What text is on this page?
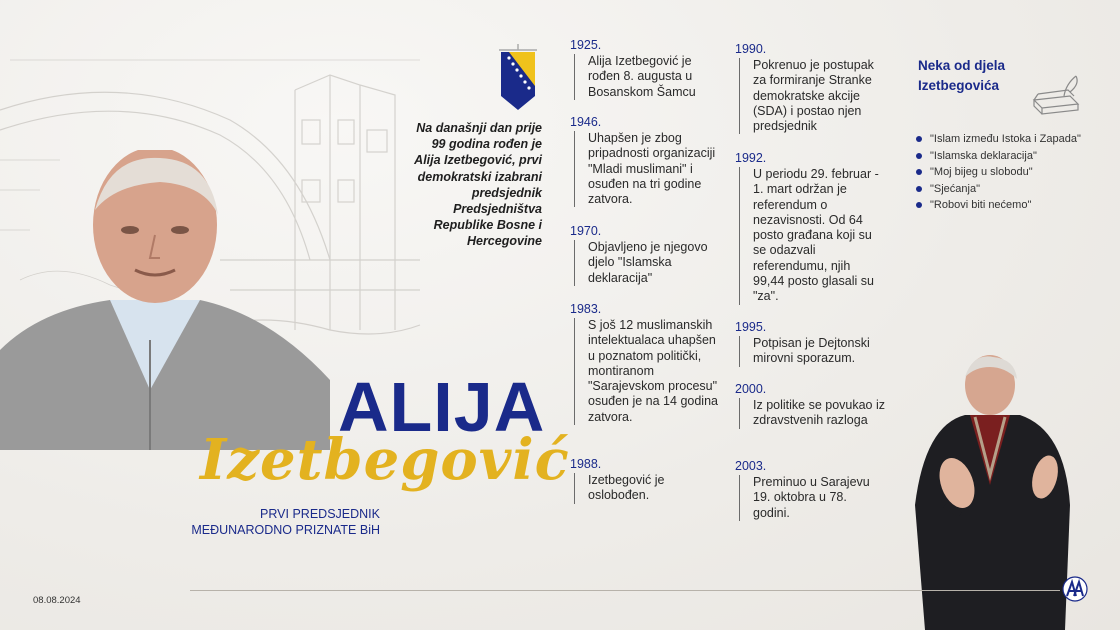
Na današnji dan prije 99 godina rođen je Alija Izetbegović, prvi demokratski izabrani predsjednik Predsjedništva Republike Bosne i Hercegovine
ALIJA
Izetbegović
PRVI PREDSJEDNIK
MEĐUNARODNO PRIZNATE BiH
1925.
Alija Izetbegović je rođen 8. augusta u Bosanskom Šamcu
1946.
Uhapšen je zbog pripadnosti organizaciji "Mladi muslimani" i osuđen na tri godine zatvora.
1970.
Objavljeno je njegovo djelo "Islamska deklaracija"
1983.
S još 12 muslimanskih intelektualaca uhapšen u poznatom politički, montiranom "Sarajevskom procesu" osuđen je na 14 godina zatvora.
1988.
Izetbegović je oslobođen.
1990.
Pokrenuo je postupak za formiranje Stranke demokratske akcije (SDA) i postao njen predsjednik
1992.
U periodu 29. februar - 1. mart održan je referendum o nezavisnosti. Od 64 posto građana koji su se odazvali referendumu, njih 99,44 posto glasali su "za".
1995.
Potpisan je Dejtonski mirovni sporazum.
2000.
Iz politike se povukao iz zdravstvenih razloga
2003.
Preminuo u Sarajevu 19. oktobra u 78. godini.
Neka od djela Izetbegovića
"Islam između Istoka i Zapada"
"Islamska deklaracija"
"Moj bijeg u slobodu"
"Sjećanja"
"Robovi biti nećemo"
08.08.2024
